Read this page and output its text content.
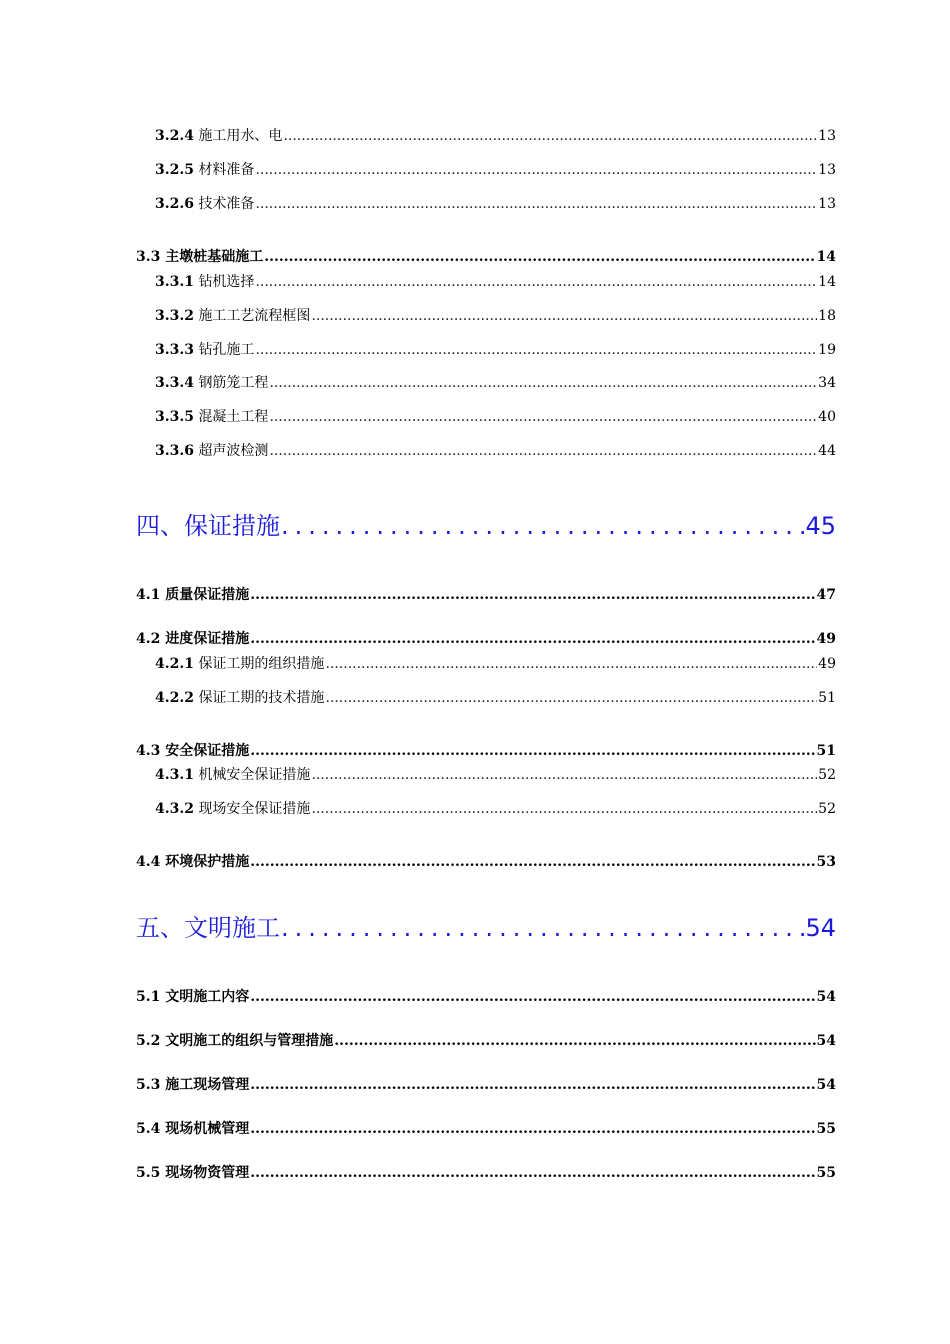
3.2.4 施工用水、电 .....	13
3.2.5 材料准备 .....	13
3.2.6 技术准备 .....	13
3.3 主墩桩基础施工 .....	14
3.3.1 钻机选择 .....	14
3.3.2 施工工艺流程框图 .....	18
3.3.3 钻孔施工 .....	19
3.3.4 钢筋笼工程 .....	34
3.3.5 混凝土工程 .....	40
3.3.6 超声波检测 .....	44
四、保证措施 .....	45
4.1 质量保证措施 .....	47
4.2 进度保证措施 .....	49
4.2.1 保证工期的组织措施 .....	49
4.2.2 保证工期的技术措施 .....	51
4.3 安全保证措施 .....	51
4.3.1 机械安全保证措施 .....	52
4.3.2 现场安全保证措施 .....	52
4.4 环境保护措施 .....	53
五、文明施工 .....	54
5.1 文明施工内容 .....	54
5.2 文明施工的组织与管理措施 .....	54
5.3 施工现场管理 .....	54
5.4 现场机械管理 .....	55
5.5 现场物资管理 .....	55
